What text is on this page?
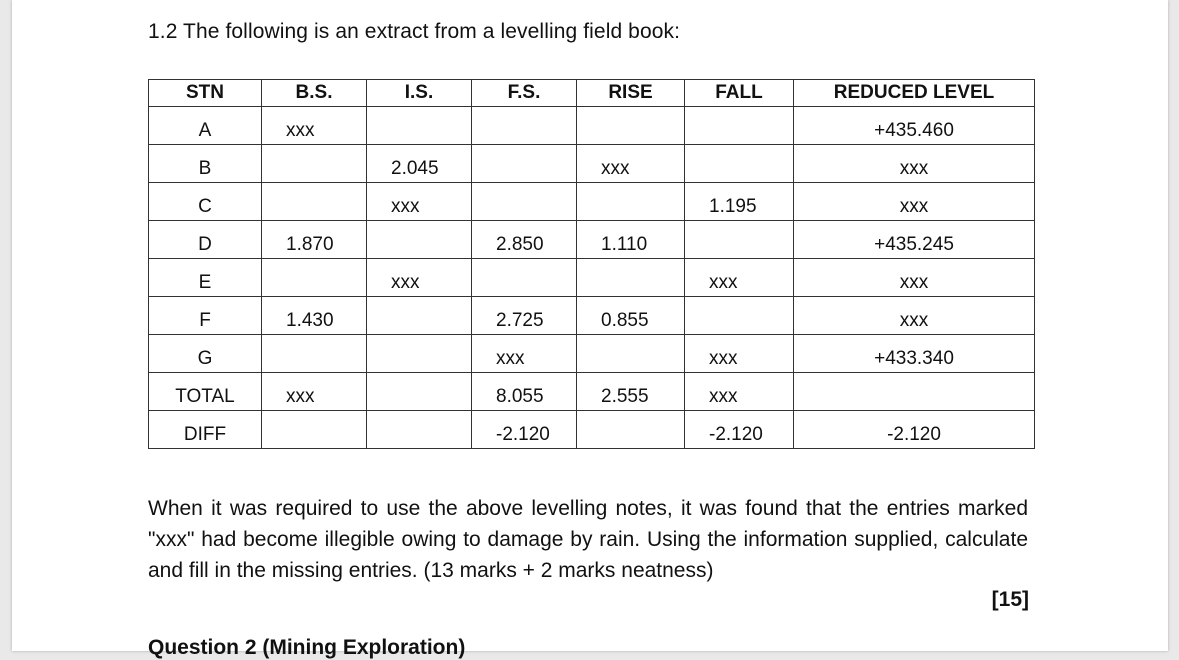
1.2 The following is an extract from a levelling field book:
STN	B.S.	I.S.	F.S.	RISE	FALL	REDUCED LEVEL
A	xxx					+435.460
B		2.045		xxx		xxx
C		xxx			1.195	xxx
D	1.870		2.850	1.110		+435.245
E		xxx			xxx	xxx
F	1.430		2.725	0.855		xxx
G			xxx		xxx	+433.340
TOTAL	xxx		8.055	2.555	xxx	
DIFF			-2.120		-2.120	-2.120
When it was required to use the above levelling notes, it was found that the entries marked "xxx" had become illegible owing to damage by rain. Using the information supplied, calculate and fill in the missing entries. (13 marks + 2 marks neatness)
[15]
Question 2 (Mining Exploration)
